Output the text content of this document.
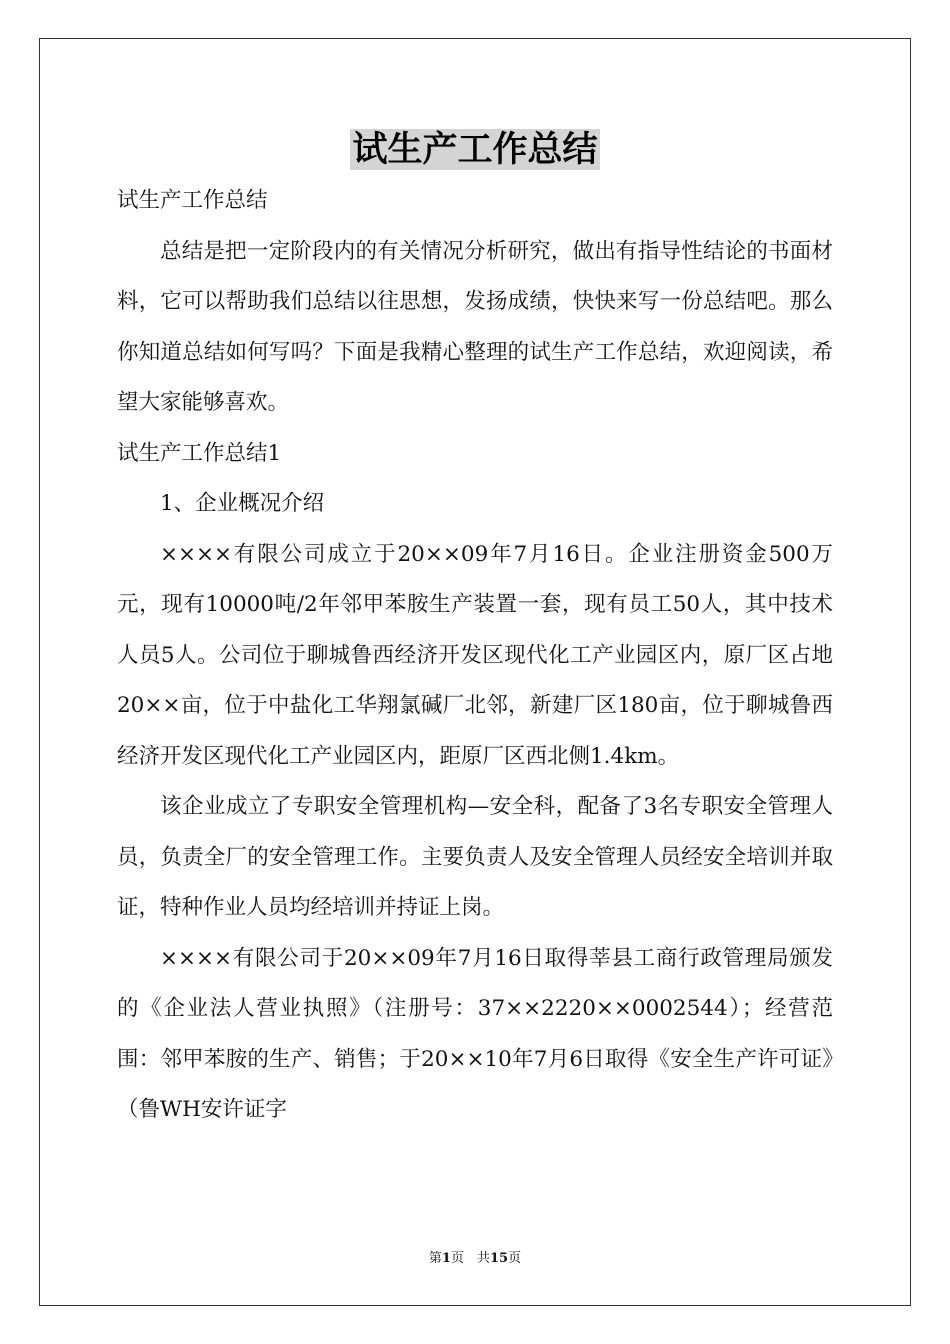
试生产工作总结

试生产工作总结

总结是把一定阶段内的有关情况分析研究，做出有指导性结论的书面材料，它可以帮助我们总结以往思想，发扬成绩，快快来写一份总结吧。那么你知道总结如何写吗？下面是我精心整理的试生产工作总结，欢迎阅读，希望大家能够喜欢。

试生产工作总结1

1、企业概况介绍

××××有限公司成立于20××09年7月16日。企业注册资金500万元，现有10000吨/2年邻甲苯胺生产装置一套，现有员工50人，其中技术人员5人。公司位于聊城鲁西经济开发区现代化工产业园区内，原厂区占地20××亩，位于中盐化工华翔氯碱厂北邻，新建厂区180亩，位于聊城鲁西经济开发区现代化工产业园区内，距原厂区西北侧1.4km。

该企业成立了专职安全管理机构—安全科，配备了3名专职安全管理人员，负责全厂的安全管理工作。主要负责人及安全管理人员经安全培训并取证，特种作业人员均经培训并持证上岗。

××××有限公司于20××09年7月16日取得莘县工商行政管理局颁发的《企业法人营业执照》（注册号：37××2220××0002544）；经营范围：邻甲苯胺的生产、销售；于20××10年7月6日取得《安全生产许可证》（鲁WH安许证字

第1页　共15页
